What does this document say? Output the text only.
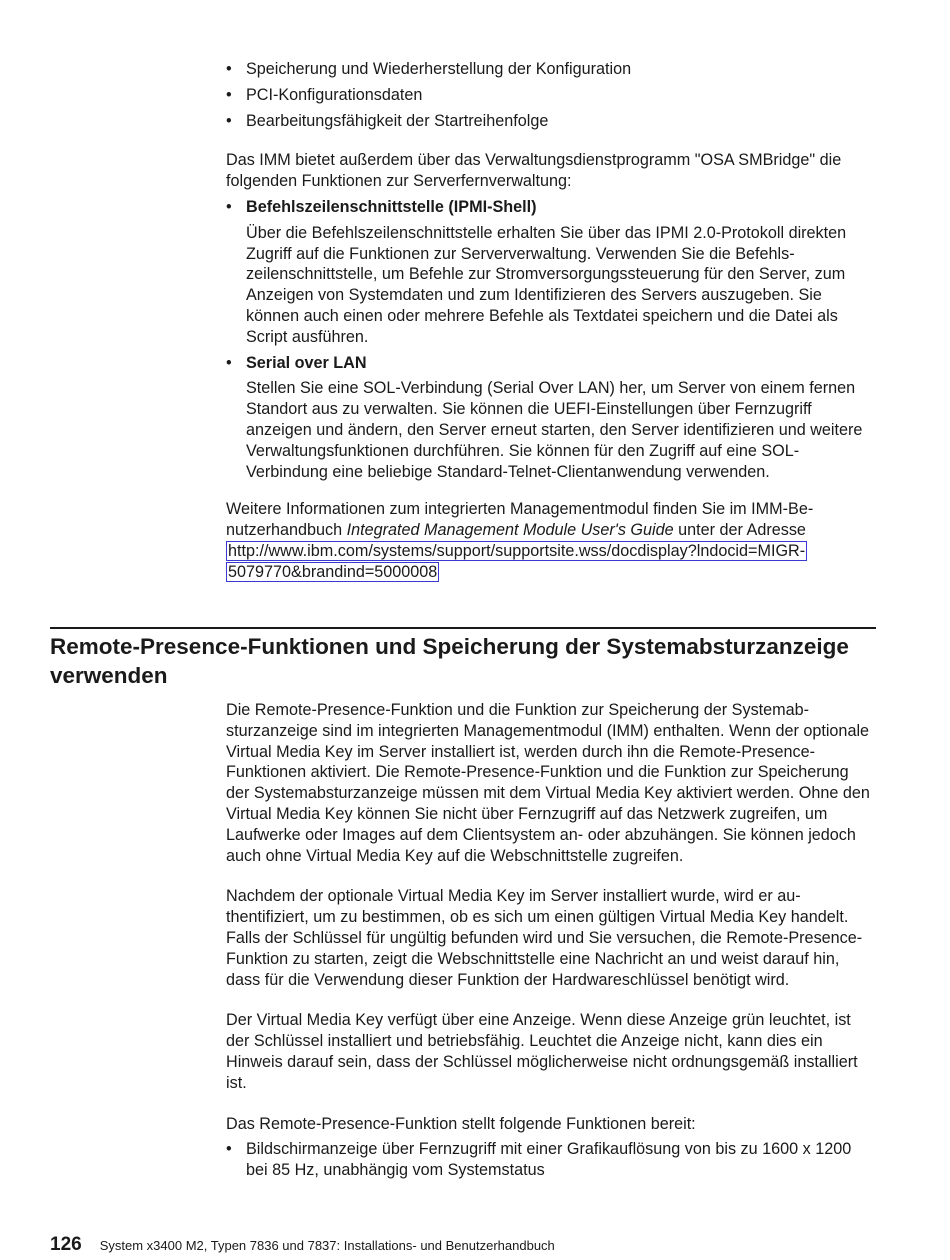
• Speicherung und Wiederherstellung der Konfiguration
• PCI-Konfigurationsdaten
• Bearbeitungsfähigkeit der Startreihenfolge

Das IMM bietet außerdem über das Verwaltungsdienstprogramm "OSA SMBridge" die folgenden Funktionen zur Serverfernverwaltung:

• Befehlszeilenschnittstelle (IPMI-Shell)
Über die Befehlszeilenschnittstelle erhalten Sie über das IPMI 2.0-Protokoll direkten Zugriff auf die Funktionen zur Serververwaltung. Verwenden Sie die Befehlszeilenschnittstelle, um Befehle zur Stromversorgungssteuerung für den Server, zum Anzeigen von Systemdaten und zum Identifizieren des Servers auszugeben. Sie können auch einen oder mehrere Befehle als Textdatei speichern und die Datei als Script ausführen.
• Serial over LAN
Stellen Sie eine SOL-Verbindung (Serial Over LAN) her, um Server von einem fernen Standort aus zu verwalten. Sie können die UEFI-Einstellungen über Fernzugriff anzeigen und ändern, den Server erneut starten, den Server identifizieren und weitere Verwaltungsfunktionen durchführen. Sie können für den Zugriff auf eine SOL-Verbindung eine beliebige Standard-Telnet-Clientanwendung verwenden.

Weitere Informationen zum integrierten Managementmodul finden Sie im IMM-Benutzerhandbuch Integrated Management Module User's Guide unter der Adresse
http://www.ibm.com/systems/support/supportsite.wss/docdisplay?lndocid=MIGR-
5079770&brandind=5000008

Remote-Presence-Funktionen und Speicherung der Systemabsturzanzeige verwenden

Die Remote-Presence-Funktion und die Funktion zur Speicherung der Systemabsturzanzeige sind im integrierten Managementmodul (IMM) enthalten. Wenn der optionale Virtual Media Key im Server installiert ist, werden durch ihn die Remote-Presence-Funktionen aktiviert. Die Remote-Presence-Funktion und die Funktion zur Speicherung der Systemabsturzanzeige müssen mit dem Virtual Media Key aktiviert werden. Ohne den Virtual Media Key können Sie nicht über Fernzugriff auf das Netzwerk zugreifen, um Laufwerke oder Images auf dem Clientsystem an- oder abzuhängen. Sie können jedoch auch ohne Virtual Media Key auf die Webschnittstelle zugreifen.

Nachdem der optionale Virtual Media Key im Server installiert wurde, wird er authentifiziert, um zu bestimmen, ob es sich um einen gültigen Virtual Media Key handelt. Falls der Schlüssel für ungültig befunden wird und Sie versuchen, die Remote-Presence-Funktion zu starten, zeigt die Webschnittstelle eine Nachricht an und weist darauf hin, dass für die Verwendung dieser Funktion der Hardwareschlüssel benötigt wird.

Der Virtual Media Key verfügt über eine Anzeige. Wenn diese Anzeige grün leuchtet, ist der Schlüssel installiert und betriebsfähig. Leuchtet die Anzeige nicht, kann dies ein Hinweis darauf sein, dass der Schlüssel möglicherweise nicht ordnungsgemäß installiert ist.

Das Remote-Presence-Funktion stellt folgende Funktionen bereit:

• Bildschirmanzeige über Fernzugriff mit einer Grafikauflösung von bis zu 1600 x 1200 bei 85 Hz, unabhängig vom Systemstatus
126 System x3400 M2, Typen 7836 und 7837: Installations- und Benutzerhandbuch
